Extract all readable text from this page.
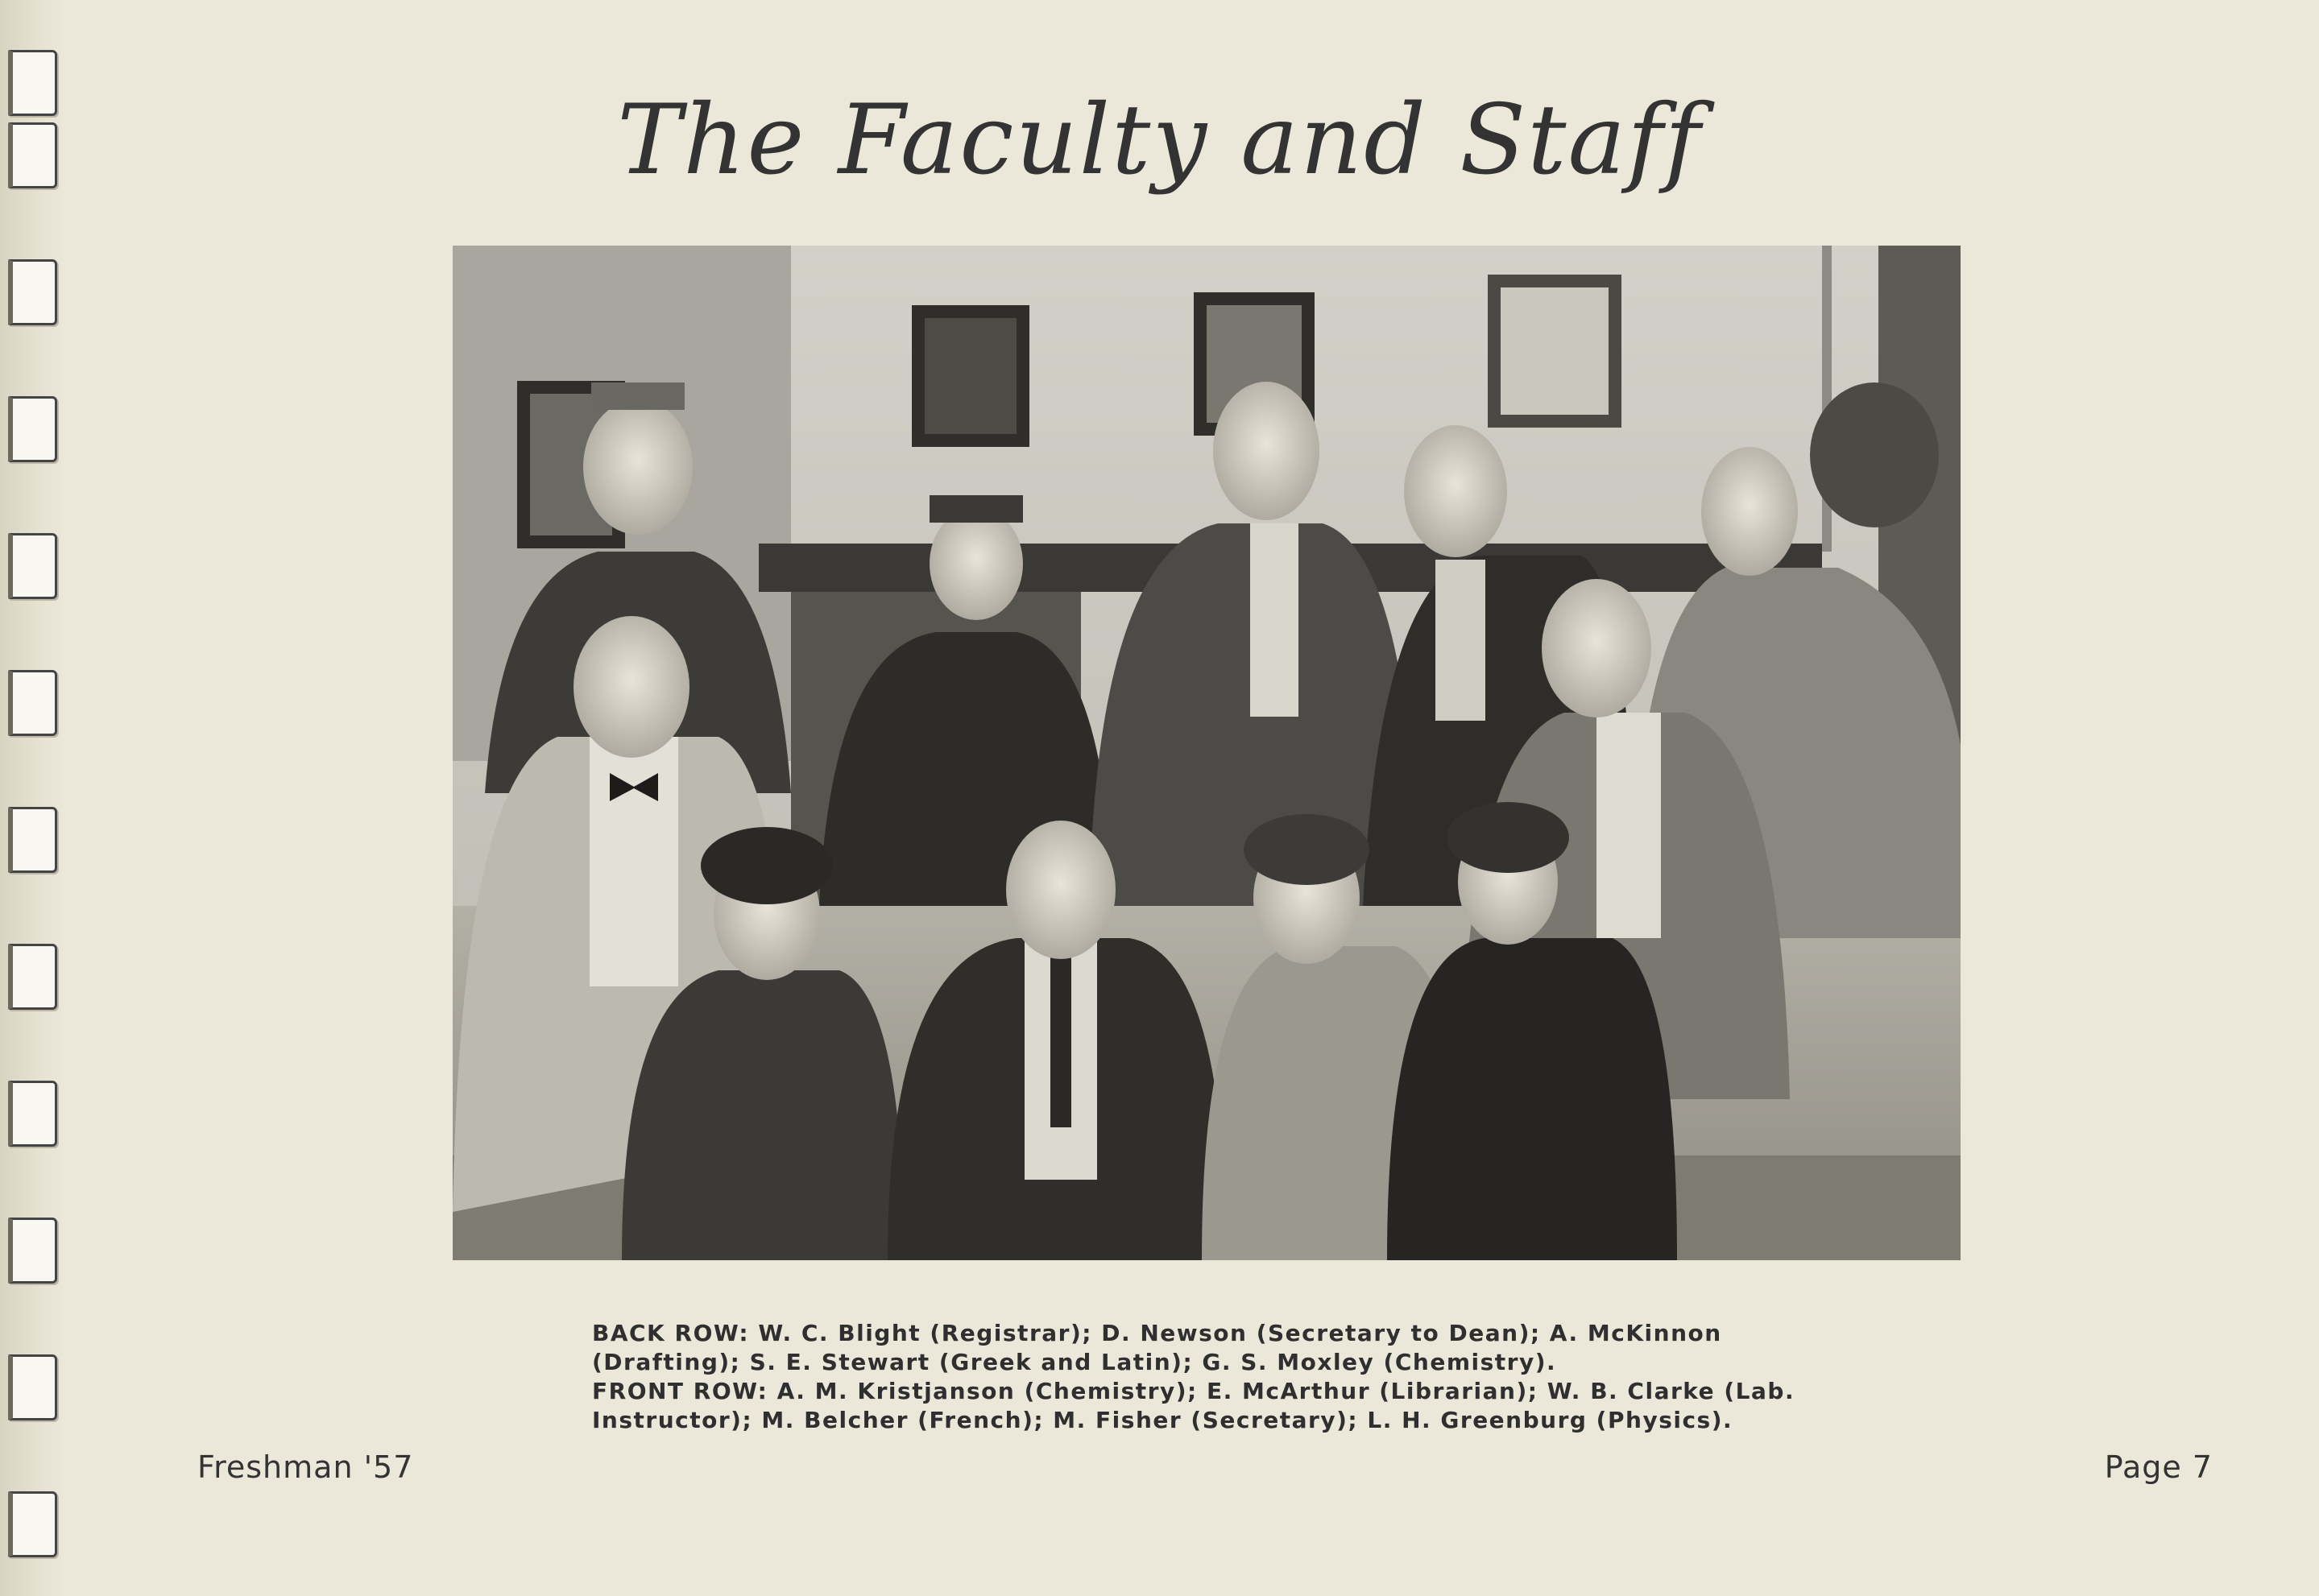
The Faculty and Staff

BACK ROW: W. C. Blight (Registrar); D. Newson (Secretary to Dean); A. McKinnon (Drafting); S. E. Stewart (Greek and Latin); G. S. Moxley (Chemistry).

FRONT ROW: A. M. Kristjanson (Chemistry); E. McArthur (Librarian); W. B. Clarke (Lab. Instructor); M. Belcher (French); M. Fisher (Secretary); L. H. Greenburg (Physics).

Freshman '57	Page 7
